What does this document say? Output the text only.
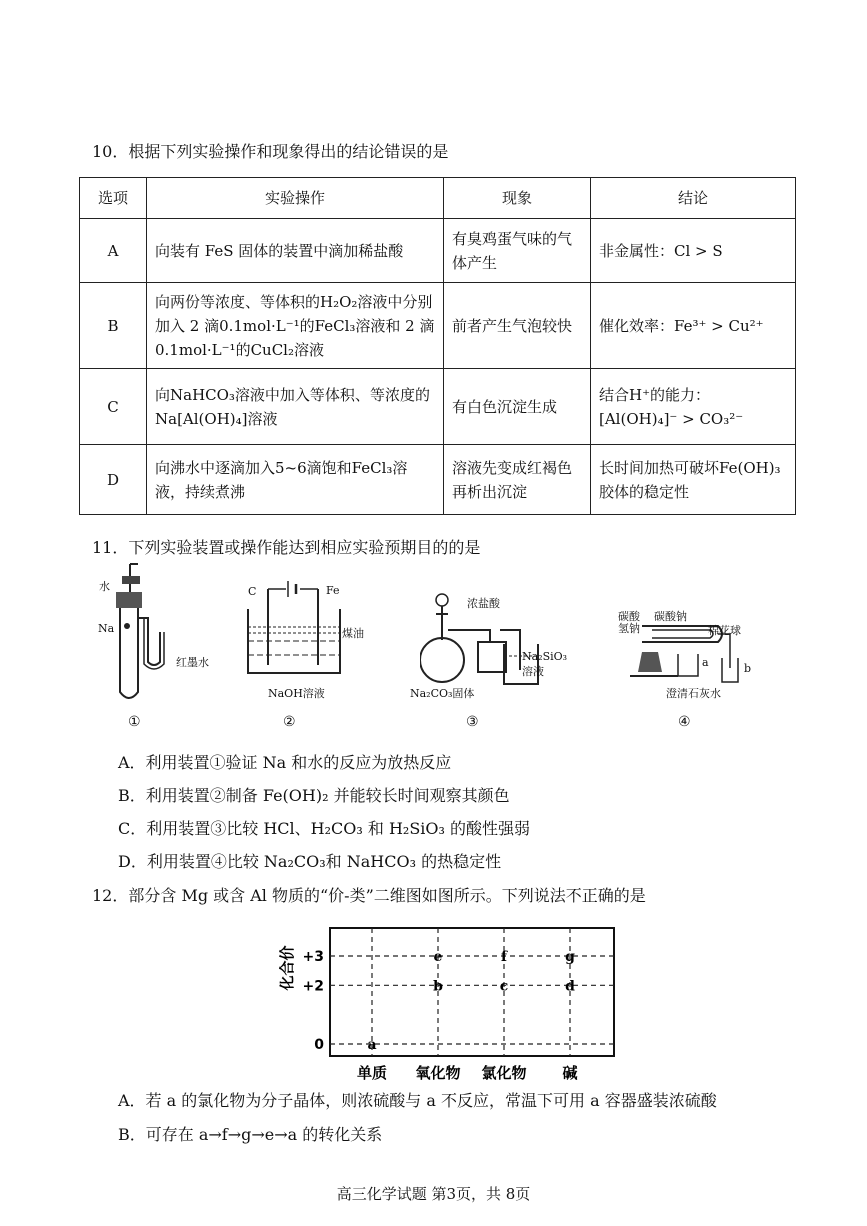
10．根据下列实验操作和现象得出的结论错误的是
选项	实验操作	现象	结论
A	向装有 FeS 固体的装置中滴加稀盐酸	有臭鸡蛋气味的气体产生	非金属性：Cl > S
B	向两份等浓度、等体积的H₂O₂溶液中分别加入 2 滴0.1mol·L⁻¹的FeCl₃溶液和 2 滴0.1mol·L⁻¹的CuCl₂溶液	前者产生气泡较快	催化效率：Fe³⁺ > Cu²⁺
C	向NaHCO₃溶液中加入等体积、等浓度的Na[Al(OH)₄]溶液	有白色沉淀生成	结合H⁺的能力：[Al(OH)₄]⁻ > CO₃²⁻
D	向沸水中逐滴加入5~6滴饱和FeCl₃溶液，持续煮沸	溶液先变成红褐色再析出沉淀	长时间加热可破坏Fe(OH)₃胶体的稳定性
11．下列实验装置或操作能达到相应实验预期目的的是
水
Na
红墨水
①
C	Fe
煤油
NaOH溶液
②
浓盐酸
Na₂SiO₃
溶液
Na₂CO₃固体
③
碳酸
氢钠
碳酸钠
棉花球
a	b
澄清石灰水
④
A．利用装置①验证 Na 和水的反应为放热反应
B．利用装置②制备 Fe(OH)₂ 并能较长时间观察其颜色
C．利用装置③比较 HCl、H₂CO₃ 和 H₂SiO₃ 的酸性强弱
D．利用装置④比较 Na₂CO₃和 NaHCO₃ 的热稳定性
12．部分含 Mg 或含 Al 物质的“价-类”二维图如图所示。下列说法不正确的是
+3
+2
0
化合价
单质 氧化物 氯化物 碱
a
e
b
f
c
g
d
A．若 a 的氯化物为分子晶体，则浓硫酸与 a 不反应，常温下可用 a 容器盛装浓硫酸
B．可存在 a→f→g→e→a 的转化关系
高三化学试题 第3页，共 8页
